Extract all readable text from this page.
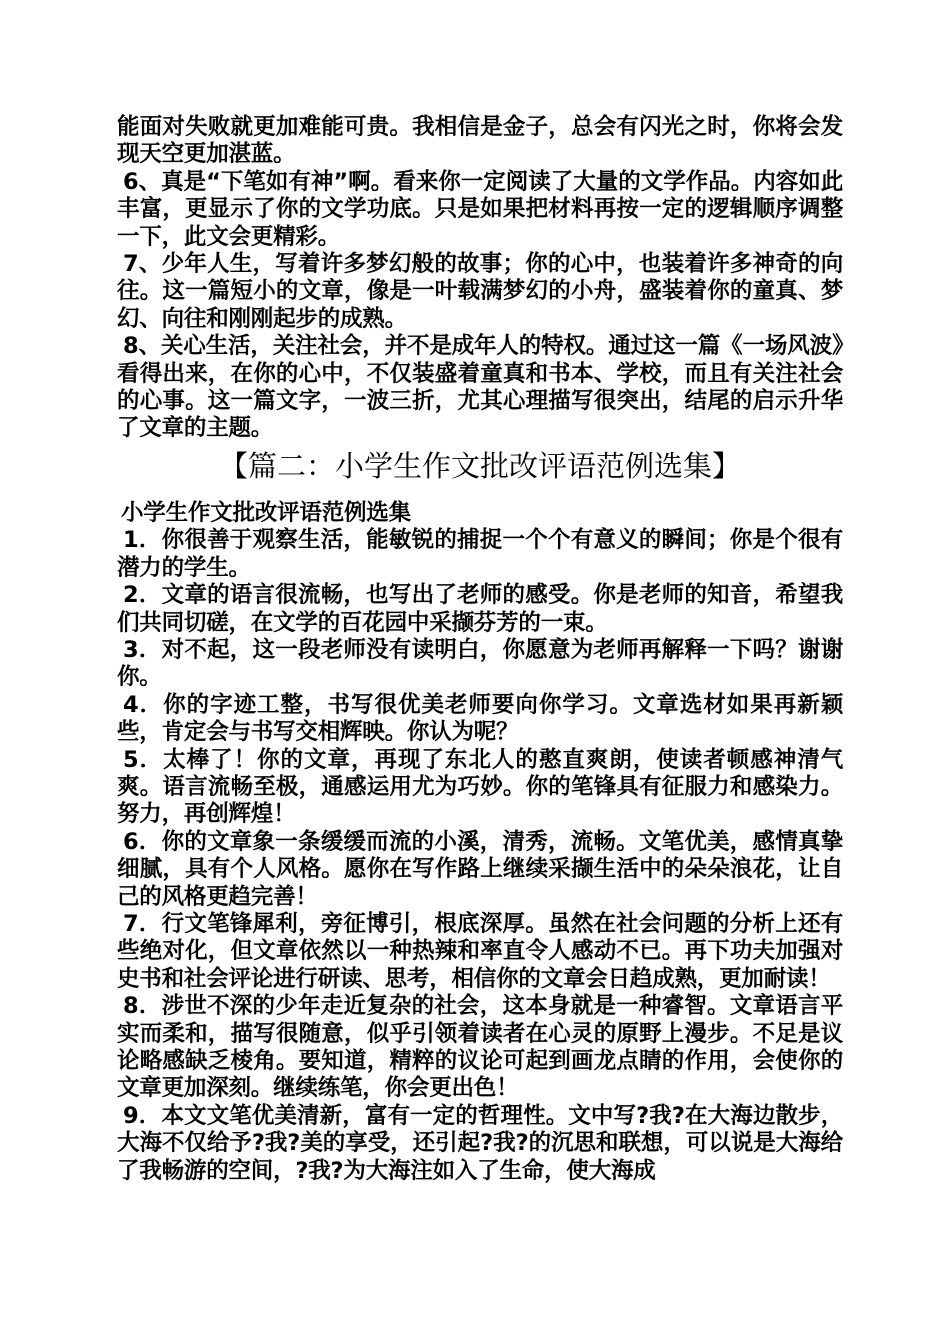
能面对失败就更加难能可贵。我相信是金子，总会有闪光之时，你将会发现天空更加湛蓝。

6、真是“下笔如有神”啊。看来你一定阅读了大量的文学作品。内容如此丰富，更显示了你的文学功底。只是如果把材料再按一定的逻辑顺序调整一下，此文会更精彩。

7、少年人生，写着许多梦幻般的故事；你的心中，也装着许多神奇的向往。这一篇短小的文章，像是一叶载满梦幻的小舟，盛装着你的童真、梦幻、向往和刚刚起步的成熟。

8、关心生活，关注社会，并不是成年人的特权。通过这一篇《一场风波》看得出来，在你的心中，不仅装盛着童真和书本、学校，而且有关注社会的心事。这一篇文字，一波三折，尤其心理描写很突出，结尾的启示升华了文章的主题。

【篇二：小学生作文批改评语范例选集】

小学生作文批改评语范例选集

1．你很善于观察生活，能敏锐的捕捉一个个有意义的瞬间；你是个很有潜力的学生。

2．文章的语言很流畅，也写出了老师的感受。你是老师的知音，希望我们共同切磋，在文学的百花园中采撷芬芳的一束。

3．对不起，这一段老师没有读明白，你愿意为老师再解释一下吗？谢谢你。

4．你的字迹工整，书写很优美老师要向你学习。文章选材如果再新颖些，肯定会与书写交相辉映。你认为呢？

5．太棒了！你的文章，再现了东北人的憨直爽朗，使读者顿感神清气爽。语言流畅至极，通感运用尤为巧妙。你的笔锋具有征服力和感染力。努力，再创辉煌！

6．你的文章象一条缓缓而流的小溪，清秀，流畅。文笔优美，感情真挚细腻，具有个人风格。愿你在写作路上继续采撷生活中的朵朵浪花，让自己的风格更趋完善！

7．行文笔锋犀利，旁征博引，根底深厚。虽然在社会问题的分析上还有些绝对化，但文章依然以一种热辣和率直令人感动不已。再下功夫加强对史书和社会评论进行研读、思考，相信你的文章会日趋成熟，更加耐读！

8．涉世不深的少年走近复杂的社会，这本身就是一种睿智。文章语言平实而柔和，描写很随意，似乎引领着读者在心灵的原野上漫步。不足是议论略感缺乏棱角。要知道，精粹的议论可起到画龙点睛的作用，会使你的文章更加深刻。继续练笔，你会更出色！

9．本文文笔优美清新，富有一定的哲理性。文中写?我?在大海边散步，大海不仅给予?我?美的享受，还引起?我?的沉思和联想，可以说是大海给了我畅游的空间，?我?为大海注如入了生命，使大海成
